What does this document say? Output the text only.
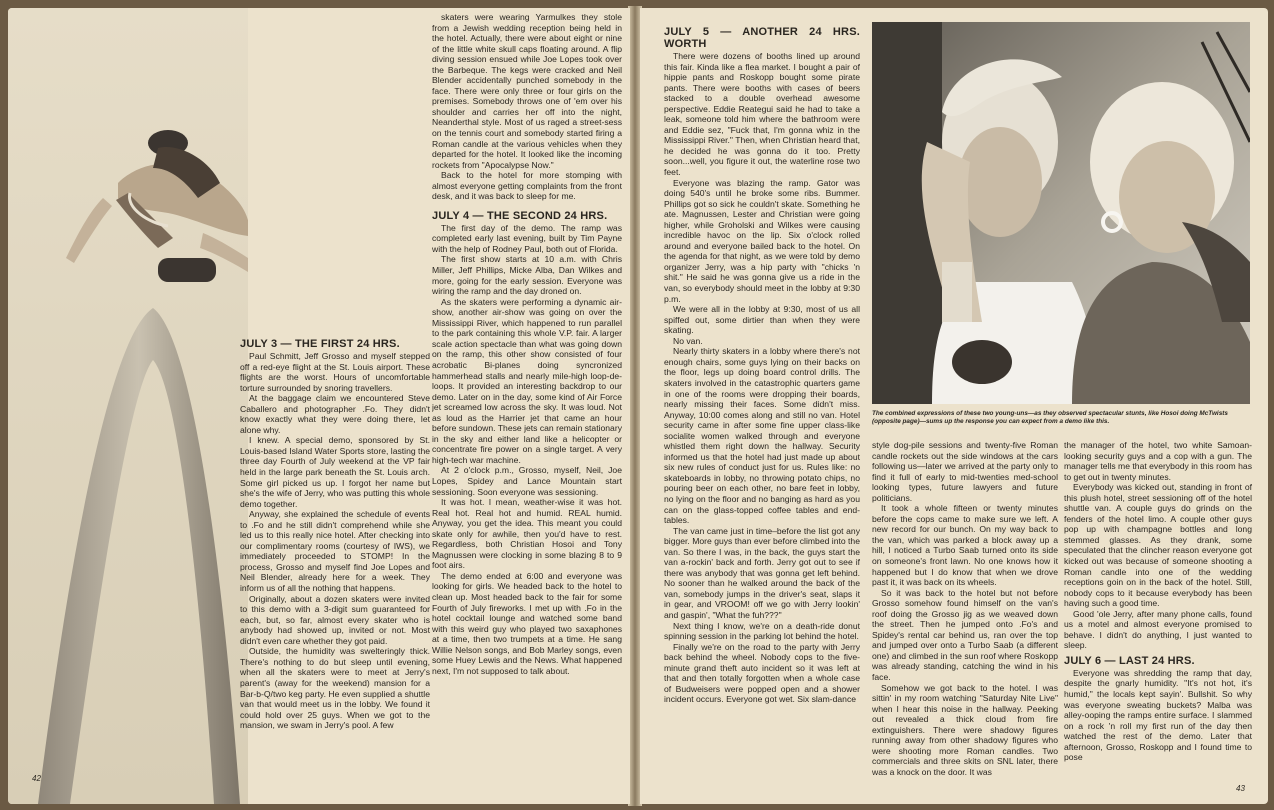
JULY 3 — THE FIRST 24 HRS.

Paul Schmitt, Jeff Grosso and myself stepped off a red-eye flight at the St. Louis airport. These flights are the worst. Hours of uncomfortable torture surrounded by snoring travellers.

At the baggage claim we encountered Steve Caballero and photographer .Fo. They didn't know exactly what they were doing there, let alone why.

I knew. A special demo, sponsored by St. Louis-based Island Water Sports store, lasting the three day Fourth of July weekend at the VP fair held in the large park beneath the St. Louis arch. Some girl picked us up. I forgot her name but she's the wife of Jerry, who was putting this whole demo together.

Anyway, she explained the schedule of events to .Fo and he still didn't comprehend while she led us to this really nice hotel. After checking into our complimentary rooms (courtesy of IWS), we immediately proceeded to STOMP! In the process, Grosso and myself find Joe Lopes and Neil Blender, already here for a week. They inform us of all the nothing that happens.

Originally, about a dozen skaters were invited to this demo with a 3-digit sum guaranteed for each, but, so far, almost every skater who is anybody had showed up, invited or not. Most didn't even care whether they got paid.

Outside, the humidity was swelteringly thick. There's nothing to do but sleep until evening, when all the skaters were to meet at Jerry's parent's (away for the weekend) mansion for a Bar-b-Q/two keg party. He even supplied a shuttle van that would meet us in the lobby. We found it could hold over 25 guys. When we got to the mansion, we swam in Jerry's pool. A few

skaters were wearing Yarmulkes they stole from a Jewish wedding reception being held in the hotel. Actually, there were about eight or nine of the little white skull caps floating around. A flip diving session ensued while Joe Lopes took over the Barbeque. The kegs were cracked and Neil Blender accidentally punched somebody in the face. There were only three or four girls on the premises. Somebody throws one of 'em over his shoulder and carries her off into the night, Neanderthal style. Most of us raged a street-sess on the tennis court and somebody started firing a Roman candle at the various vehicles when they departed for the hotel. It looked like the incoming rockets from "Apocalypse Now."

Back to the hotel for more stomping with almost everyone getting complaints from the front desk, and it was back to sleep for me.

JULY 4 — THE SECOND 24 HRS.

The first day of the demo. The ramp was completed early last evening, built by Tim Payne with the help of Rodney Paul, both out of Florida.

The first show starts at 10 a.m. with Chris Miller, Jeff Phillips, Micke Alba, Dan Wilkes and more, going for the early session. Everyone was wiring the ramp and the day droned on.

As the skaters were performing a dynamic air-show, another air-show was going on over the Mississippi River, which happened to run parallel to the park containing this whole V.P. fair. A larger scale action spectacle than what was going down on the ramp, this other show consisted of four acrobatic Bi-planes doing syncronized hammerhead stalls and nearly mile-high loop-de-loops. It provided an interesting backdrop to our demo. Later on in the day, some kind of Air Force jet screamed low across the sky. It was loud. Not as loud as the Harrier jet that came an hour before sundown. These jets can remain stationary in the sky and either land like a helicopter or concentrate fire power on a single target. A very high-tech war machine.

At 2 o'clock p.m., Grosso, myself, Neil, Joe Lopes, Spidey and Lance Mountain start sessioning. Soon everyone was sessioning.

It was hot. I mean, weather-wise it was hot. Real hot. Real hot and humid. REAL humid. Anyway, you get the idea. This meant you could skate only for awhile, then you'd have to rest. Regardless, both Christian Hosoi and Tony Magnussen were clocking in some blazing 8 to 9 foot airs.

The demo ended at 6:00 and everyone was looking for girls. We headed back to the hotel to clean up. Most headed back to the fair for some Fourth of July fireworks. I met up with .Fo in the hotel cocktail lounge and watched some band with this weird guy who played two saxaphones at a time, then two trumpets at a time. He sang Willie Nelson songs, and Bob Marley songs, even some Huey Lewis and the News. What happened next, I'm not supposed to talk about.

42
JULY 5 — ANOTHER 24 HRS. WORTH

There were dozens of booths lined up around this fair. Kinda like a flea market. I bought a pair of hippie pants and Roskopp bought some pirate pants. There were booths with cases of beers stacked to a double overhead awesome perspective. Eddie Reategui said he had to take a leak, someone told him where the bathroom were and Eddie sez, "Fuck that, I'm gonna whiz in the Mississippi River." Then, when Christian heard that, he decided he was gonna do it too. Pretty soon...well, you figure it out, the waterline rose two feet.

Everyone was blazing the ramp. Gator was doing 540's until he broke some ribs. Bummer. Phillips got so sick he couldn't skate. Something he ate. Magnussen, Lester and Christian were going higher, while Groholski and Wilkes were causing incredible havoc on the lip. Six o'clock rolled around and everyone bailed back to the hotel. On the agenda for that night, as we were told by demo organizer Jerry, was a hip party with "chicks 'n shit." He said he was gonna give us a ride in the van, so everybody should meet in the lobby at 9:30 p.m.

We were all in the lobby at 9:30, most of us all spiffed out, some dirtier than when they were skating.

No van.

Nearly thirty skaters in a lobby where there's not enough chairs, some guys lying on their backs on the floor, legs up doing board control drills. The skaters involved in the catastrophic quarters game in one of the rooms were dropping their boards, nearly missing their faces. Some didn't miss. Anyway, 10:00 comes along and still no van. Hotel security came in after some fine upper class-like socialite women walked through and everyone whistled them right down the hallway. Security informed us that the hotel had just made up about six new rules of conduct just for us. Rules like: no skateboards in lobby, no throwing potato chips, no pouring beer on each other, no bare feet in lobby, no lying on the floor and no banging as hard as you can on the glass-topped coffee tables and end-tables.

The van came just in time–before the list got any bigger. More guys than ever before climbed into the van. So there I was, in the back, the guys start the van a-rockin' back and forth. Jerry got out to see if there was anybody that was gonna get left behind. No sooner than he walked around the back of the van, somebody jumps in the driver's seat, slaps it in gear, and VROOM! off we go with Jerry lookin' and gaspin', "What the fuh???"

Next thing I know, we're on a death-ride donut spinning session in the parking lot behind the hotel.

Finally we're on the road to the party with Jerry back behind the wheel. Nobody cops to the five-minute grand theft auto incident so it was left at that and then totally forgotten when a whole case of Budweisers were popped open and a shower incident occurs. Everyone got wet. Six slam-dance

The combined expressions of these two young-uns—as they observed spectacular stunts, like Hosoi doing McTwists (opposite page)—sums up the response you can expect from a demo like this.

style dog-pile sessions and twenty-five Roman candle rockets out the side windows at the cars following us—later we arrived at the party only to find it full of early to mid-twenties med-school looking types, future lawyers and future politicians.

It took a whole fifteen or twenty minutes before the cops came to make sure we left. A new record for our bunch. On my way back to the van, which was parked a block away up a hill, I noticed a Turbo Saab turned onto its side on someone's front lawn. No one knows how it happened but I do know that when we drove past it, it was back on its wheels.

So it was back to the hotel but not before Grosso somehow found himself on the van's roof doing the Grosso jig as we weaved down the street. Then he jumped onto .Fo's and Spidey's rental car behind us, ran over the top and jumped over onto a Turbo Saab (a different one) and climbed in the sun roof where Roskopp was already standing, catching the wind in his face.

Somehow we got back to the hotel. I was sittin' in my room watching "Saturday Nite Live" when I hear this noise in the hallway. Peeking out revealed a thick cloud from fire extinguishers. There were shadowy figures running away from other shadowy figures who were shooting more Roman candles. Two commercials and three skits on SNL later, there was a knock on the door. It was

the manager of the hotel, two white Samoan-looking security guys and a cop with a gun. The manager tells me that everybody in this room has to get out in twenty minutes.

Everybody was kicked out, standing in front of this plush hotel, street sessioning off of the hotel shuttle van. A couple guys do grinds on the fenders of the hotel limo. A couple other guys pop up with champagne bottles and long stemmed glasses. As they drank, some speculated that the clincher reason everyone got kicked out was because of someone shooting a Roman candle into one of the wedding receptions goin on in the back of the hotel. Still, nobody cops to it because everybody has been having such a good time.

Good 'ole Jerry, after many phone calls, found us a motel and almost everyone promised to behave. I didn't do anything, I just wanted to sleep.

JULY 6 — LAST 24 HRS.

Everyone was shredding the ramp that day, despite the gnarly humidity. "It's not hot, it's humid," the locals kept sayin'. Bullshit. So why was everyone sweating buckets? Malba was alley-ooping the ramps entire surface. I slammed on a rock 'n roll my first run of the day then watched the rest of the demo. Later that afternoon, Grosso, Roskopp and I found time to pose

43
